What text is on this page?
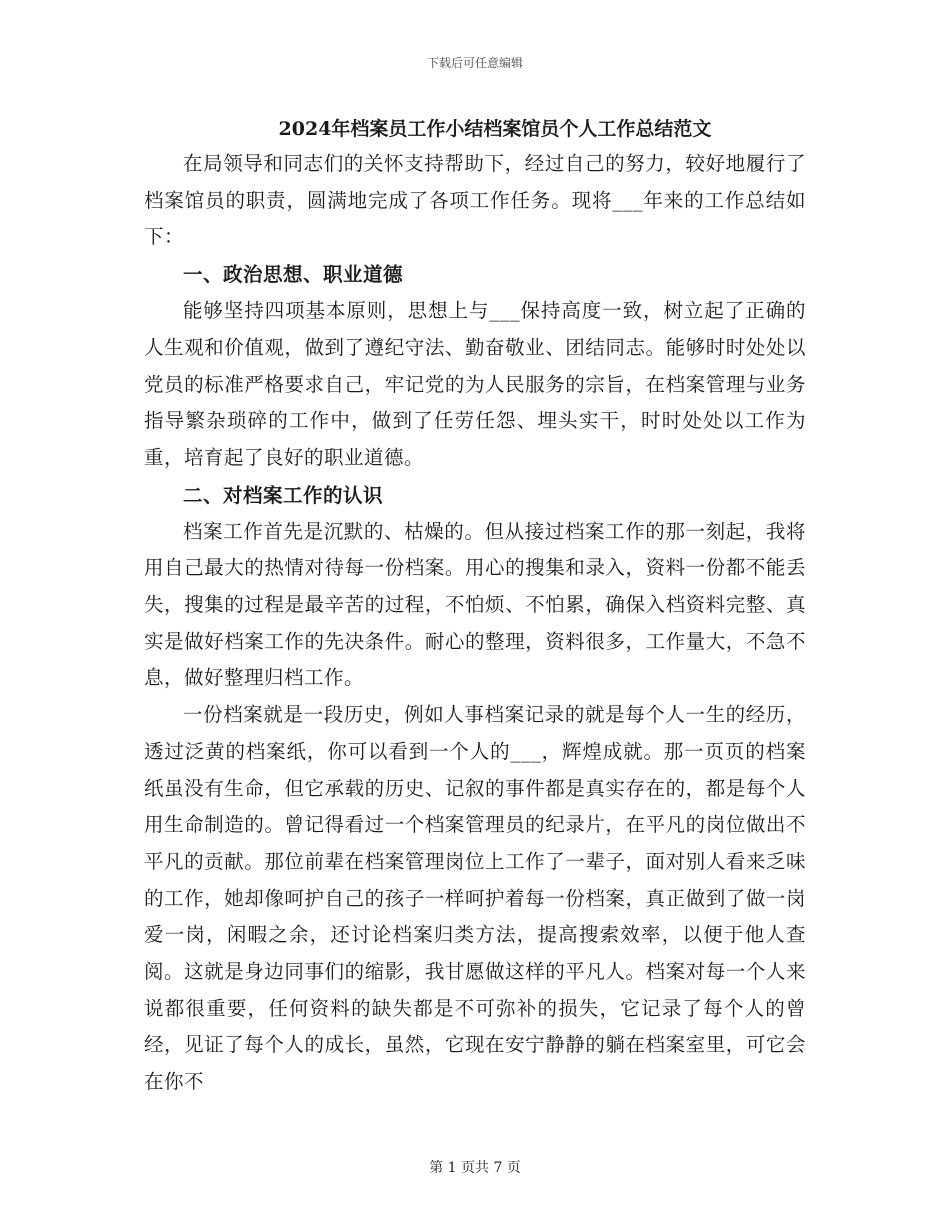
下载后可任意编辑
2024年档案员工作小结档案馆员个人工作总结范文

在局领导和同志们的关怀支持帮助下，经过自己的努力，较好地履行了档案馆员的职责，圆满地完成了各项工作任务。现将___年来的工作总结如下：

一、政治思想、职业道德

能够坚持四项基本原则，思想上与___保持高度一致，树立起了正确的人生观和价值观，做到了遵纪守法、勤奋敬业、团结同志。能够时时处处以党员的标准严格要求自己，牢记党的为人民服务的宗旨，在档案管理与业务指导繁杂琐碎的工作中，做到了任劳任怨、埋头实干，时时处处以工作为重，培育起了良好的职业道德。

二、对档案工作的认识

档案工作首先是沉默的、枯燥的。但从接过档案工作的那一刻起，我将用自己最大的热情对待每一份档案。用心的搜集和录入，资料一份都不能丢失，搜集的过程是最辛苦的过程，不怕烦、不怕累，确保入档资料完整、真实是做好档案工作的先决条件。耐心的整理，资料很多，工作量大，不急不息，做好整理归档工作。

一份档案就是一段历史，例如人事档案记录的就是每个人一生的经历，透过泛黄的档案纸，你可以看到一个人的___，辉煌成就。那一页页的档案纸虽没有生命，但它承载的历史、记叙的事件都是真实存在的，都是每个人用生命制造的。曾记得看过一个档案管理员的纪录片，在平凡的岗位做出不平凡的贡献。那位前辈在档案管理岗位上工作了一辈子，面对别人看来乏味的工作，她却像呵护自己的孩子一样呵护着每一份档案，真正做到了做一岗爱一岗，闲暇之余，还讨论档案归类方法，提高搜索效率，以便于他人查阅。这就是身边同事们的缩影，我甘愿做这样的平凡人。档案对每一个人来说都很重要，任何资料的缺失都是不可弥补的损失，它记录了每个人的曾经，见证了每个人的成长，虽然，它现在安宁静静的躺在档案室里，可它会在你不

第 1 页共 7 页
